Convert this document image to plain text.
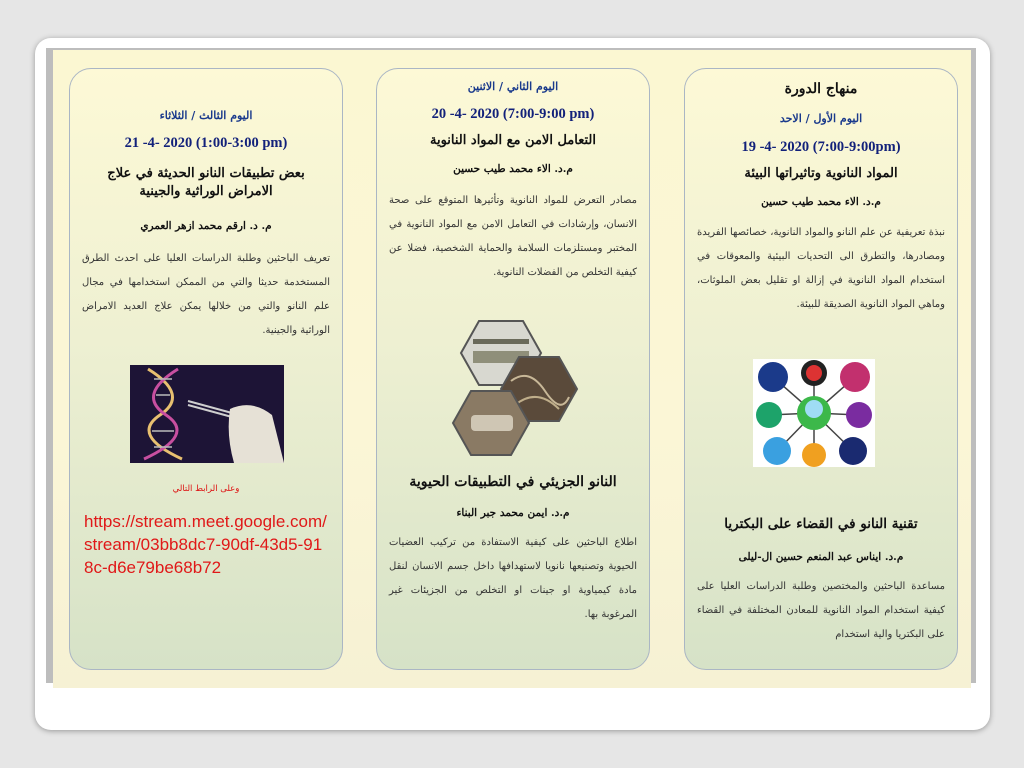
منهاج الدورة
اليوم الأول / الاحد
19 -4- 2020 (7:00-9:00pm)
المواد النانوية وتاثيراتها البيئة
م.د. الاء محمد طيب حسين
نبذة تعريفية عن علم النانو والمواد النانوية، خصائصها الفريدة ومصادرها، والتطرق الى التحديات البيئية والمعوقات في استخدام المواد النانوية في إزالة او تقليل بعض الملوثات، وماهي المواد النانوية الصديقة للبيئة.
تقنية النانو في القضاء على البكتريا
م.د. ايناس عبد المنعم حسين ال-ليلى
مساعدة الباحثين والمختصين وطلبة الدراسات العليا على كيفية استخدام المواد النانوية للمعادن المختلفة في القضاء على البكتريا والية استخدام
اليوم الثاني / الاثنين
20 -4- 2020 (7:00-9:00 pm)
التعامل الامن مع المواد النانوية
م.د. الاء محمد طيب حسين
مصادر التعرض للمواد النانوية وتأثيرها المتوقع على صحة الانسان، وإرشادات في التعامل الامن مع المواد النانوية في المختبر ومستلزمات السلامة والحماية الشخصية، فضلا عن كيفية التخلص من الفضلات النانوية.
النانو الجزيئي في التطبيقات الحيوية
م.د. ايمن محمد جبر البناء
اطلاع الباحثين على كيفية الاستفادة من تركيب العضيات الحيوية وتصنيعها نانويا لاستهدافها داخل جسم الانسان لنقل مادة كيمياوية او جينات او التخلص من الجزيئات غير المرغوبة بها.
اليوم الثالث / الثلاثاء
21 -4- 2020 (1:00-3:00 pm)
بعض تطبيقات النانو الحديثة في علاج الامراض الوراثية والجينية
م. د. ارقم محمد ازهر العمري
تعريف الباحثين وطلبة الدراسات العليا على احدث الطرق المستخدمة حديثا والتي من الممكن استخدامها في مجال علم النانو والتي من خلالها يمكن علاج العديد الامراض الوراثية والجينية.
وعلى الرابط التالي
https://stream.meet.google.com/stream/03bb8dc7-90df-43d5-918c-d6e79be68b72
